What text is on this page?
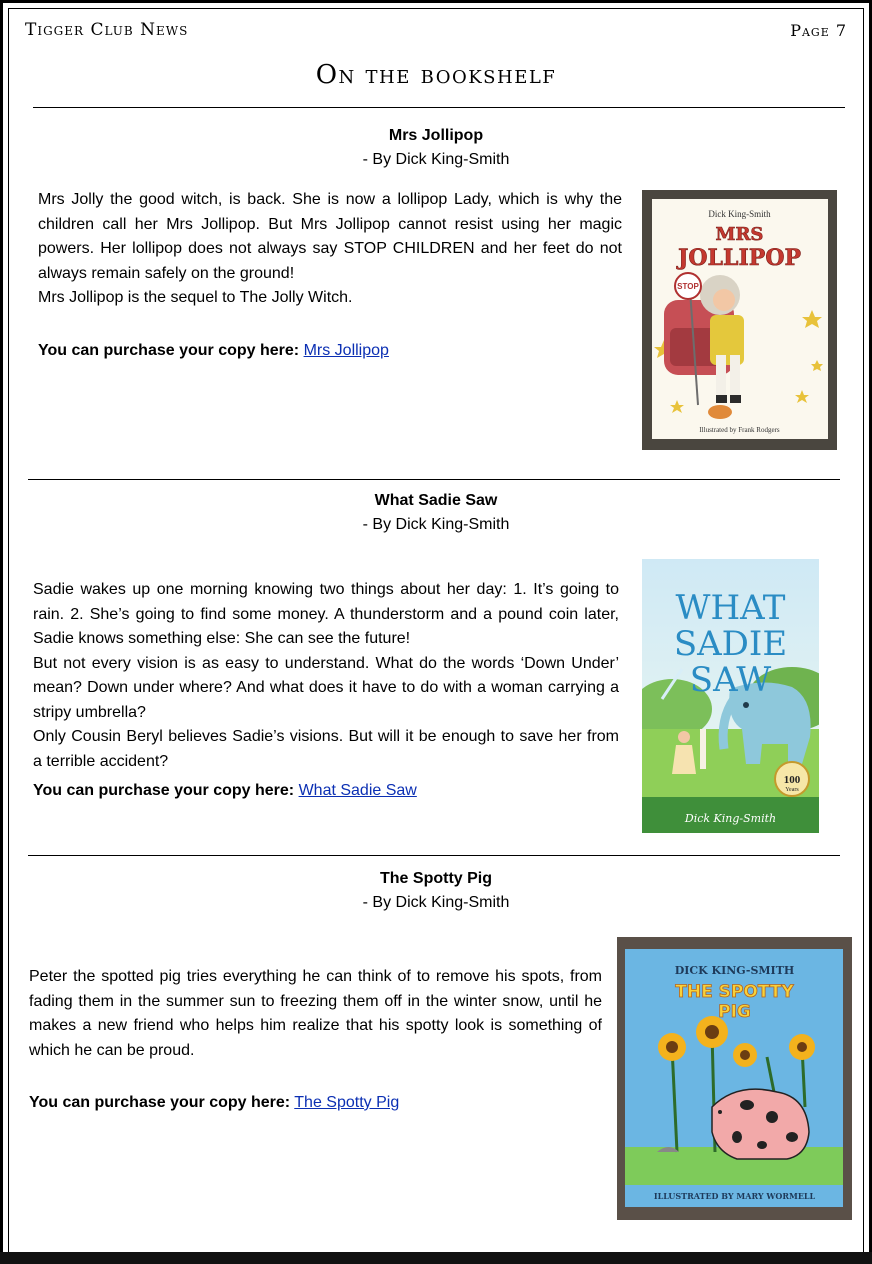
Tigger Club News	Page 7
On the bookshelf
Mrs Jollipop
- By Dick King-Smith

Mrs Jolly the good witch, is back. She is now a lollipop Lady, which is why the children call her Mrs Jollipop. But Mrs Jollipop cannot resist using her magic powers. Her lollipop does not always say STOP CHILDREN and her feet do not always remain safely on the ground!

Mrs Jollipop is the sequel to The Jolly Witch.

You can purchase your copy here: Mrs Jollipop
STOP
Dick King-Smith
MRS
JOLLIPOP
Illustrated by Frank Rodgers
What Sadie Saw
- By Dick King-Smith

Sadie wakes up one morning knowing two things about her day: 1. It’s going to rain. 2. She’s going to find some money. A thunderstorm and a pound coin later, Sadie knows something else: She can see the future!

But not every vision is as easy to understand. What do the words ‘Down Under’ mean? Down under where? And what does it have to do with a woman carrying a stripy umbrella?

Only Cousin Beryl believes Sadie’s visions. But will it be enough to save her from a terrible accident?

You can purchase your copy here: What Sadie Saw
100
Years
WHAT
SADIE
SAW
Dick King-Smith
The Spotty Pig
- By Dick King-Smith

Peter the spotted pig tries everything he can think of to remove his spots, from fading them in the summer sun to freezing them off in the winter snow, until he makes a new friend who helps him realize that his spotty look is something of which he can be proud.

You can purchase your copy here: The Spotty Pig
DICK KING-SMITH
THE SPOTTY
PIG
ILLUSTRATED BY MARY WORMELL
